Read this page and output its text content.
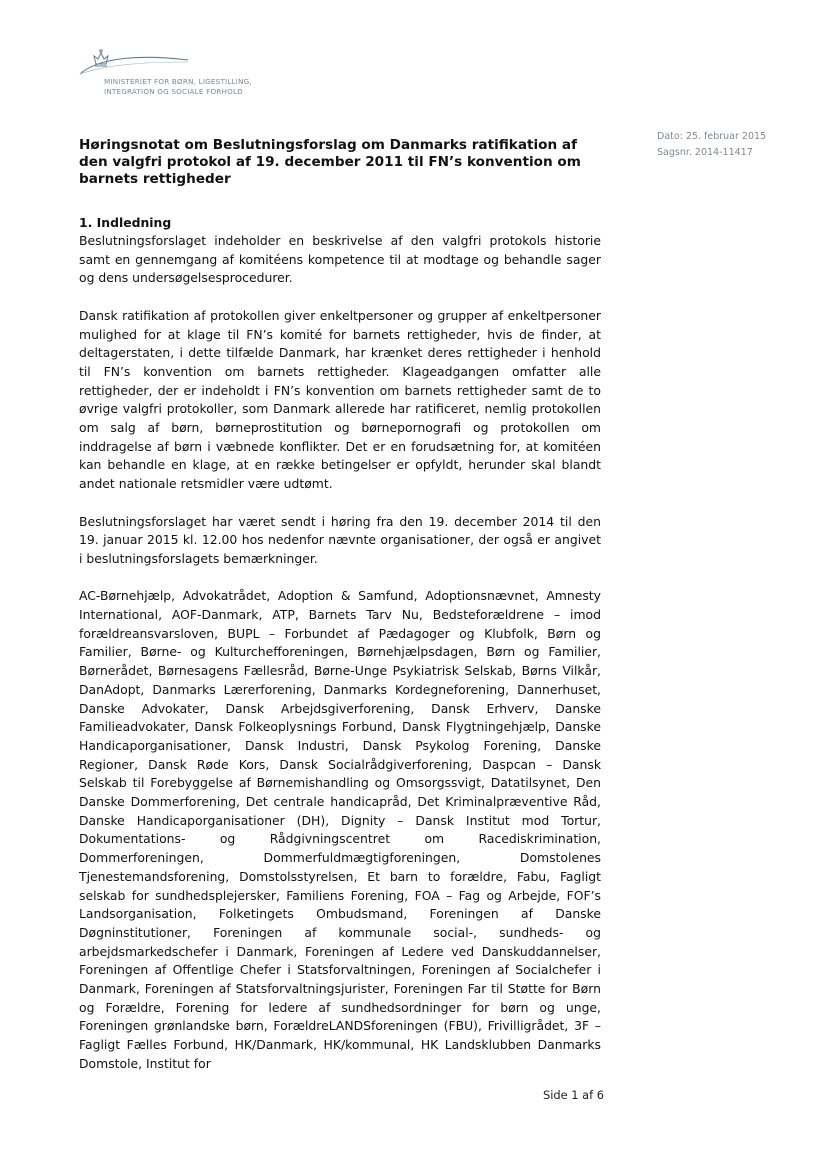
MINISTERIET FOR BØRN, LIGESTILLING,
INTEGRATION OG SOCIALE FORHOLD
Dato: 25. februar 2015
Sagsnr. 2014-11417
Høringsnotat om Beslutningsforslag om Danmarks ratifikation af den valgfri protokol af 19. december 2011 til FN’s konvention om barnets rettigheder
1. Indledning

Beslutningsforslaget indeholder en beskrivelse af den valgfri protokols historie samt en gennemgang af komitéens kompetence til at modtage og behandle sager og dens undersøgelsesprocedurer.

Dansk ratifikation af protokollen giver enkeltpersoner og grupper af enkeltpersoner mulighed for at klage til FN’s komité for barnets rettigheder, hvis de finder, at deltagerstaten, i dette tilfælde Danmark, har krænket deres rettigheder i henhold til FN’s konvention om barnets rettigheder. Klageadgangen omfatter alle rettigheder, der er indeholdt i FN’s konvention om barnets rettigheder samt de to øvrige valgfri protokoller, som Danmark allerede har ratificeret, nemlig protokollen om salg af børn, børneprostitution og børnepornografi og protokollen om inddragelse af børn i væbnede konflikter. Det er en forudsætning for, at komitéen kan behandle en klage, at en række betingelser er opfyldt, herunder skal blandt andet nationale retsmidler være udtømt.

Beslutningsforslaget har været sendt i høring fra den 19. december 2014 til den 19. januar 2015 kl. 12.00 hos nedenfor nævnte organisationer, der også er angivet i beslutningsforslagets bemærkninger.

AC-Børnehjælp, Advokatrådet, Adoption & Samfund, Adoptionsnævnet, Amnesty International, AOF-Danmark, ATP, Barnets Tarv Nu, Bedsteforældrene – imod forældreansvarsloven, BUPL – Forbundet af Pædagoger og Klubfolk, Børn og Familier, Børne- og Kulturchefforeningen, Børnehjælpsdagen, Børn og Familier, Børnerådet, Børnesagens Fællesråd, Børne-Unge Psykiatrisk Selskab, Børns Vilkår, DanAdopt, Danmarks Lærerforening, Danmarks Kordegneforening, Dannerhuset, Danske Advokater, Dansk Arbejdsgiverforening, Dansk Erhverv, Danske Familieadvokater, Dansk Folkeoplysnings Forbund, Dansk Flygtningehjælp, Danske Handicaporganisationer, Dansk Industri, Dansk Psykolog Forening, Danske Regioner, Dansk Røde Kors, Dansk Socialrådgiverforening, Daspcan – Dansk Selskab til Forebyggelse af Børnemishandling og Omsorgssvigt, Datatilsynet, Den Danske Dommerforening, Det centrale handicapråd, Det Kriminalpræventive Råd, Danske Handicaporganisationer (DH), Dignity – Dansk Institut mod Tortur, Dokumentations- og Rådgivningscentret om Racediskrimination, Dommerforeningen, Dommerfuldmægtigforeningen, Domstolenes Tjenestemandsforening, Domstolsstyrelsen, Et barn to forældre, Fabu, Fagligt selskab for sundhedsplejersker, Familiens Forening, FOA – Fag og Arbejde, FOF’s Landsorganisation, Folketingets Ombudsmand, Foreningen af Danske Døgninstitutioner, Foreningen af kommunale social-, sundheds- og arbejdsmarkedschefer i Danmark, Foreningen af Ledere ved Danskuddannelser, Foreningen af Offentlige Chefer i Statsforvaltningen, Foreningen af Socialchefer i Danmark, Foreningen af Statsforvaltningsjurister, Foreningen Far til Støtte for Børn og Forældre, Forening for ledere af sundhedsordninger for børn og unge, Foreningen grønlandske børn, ForældreLANDSforeningen (FBU), Frivilligrådet, 3F – Fagligt Fælles Forbund, HK/Danmark, HK/kommunal, HK Landsklubben Danmarks Domstole, Institut for

Side 1 af 6
